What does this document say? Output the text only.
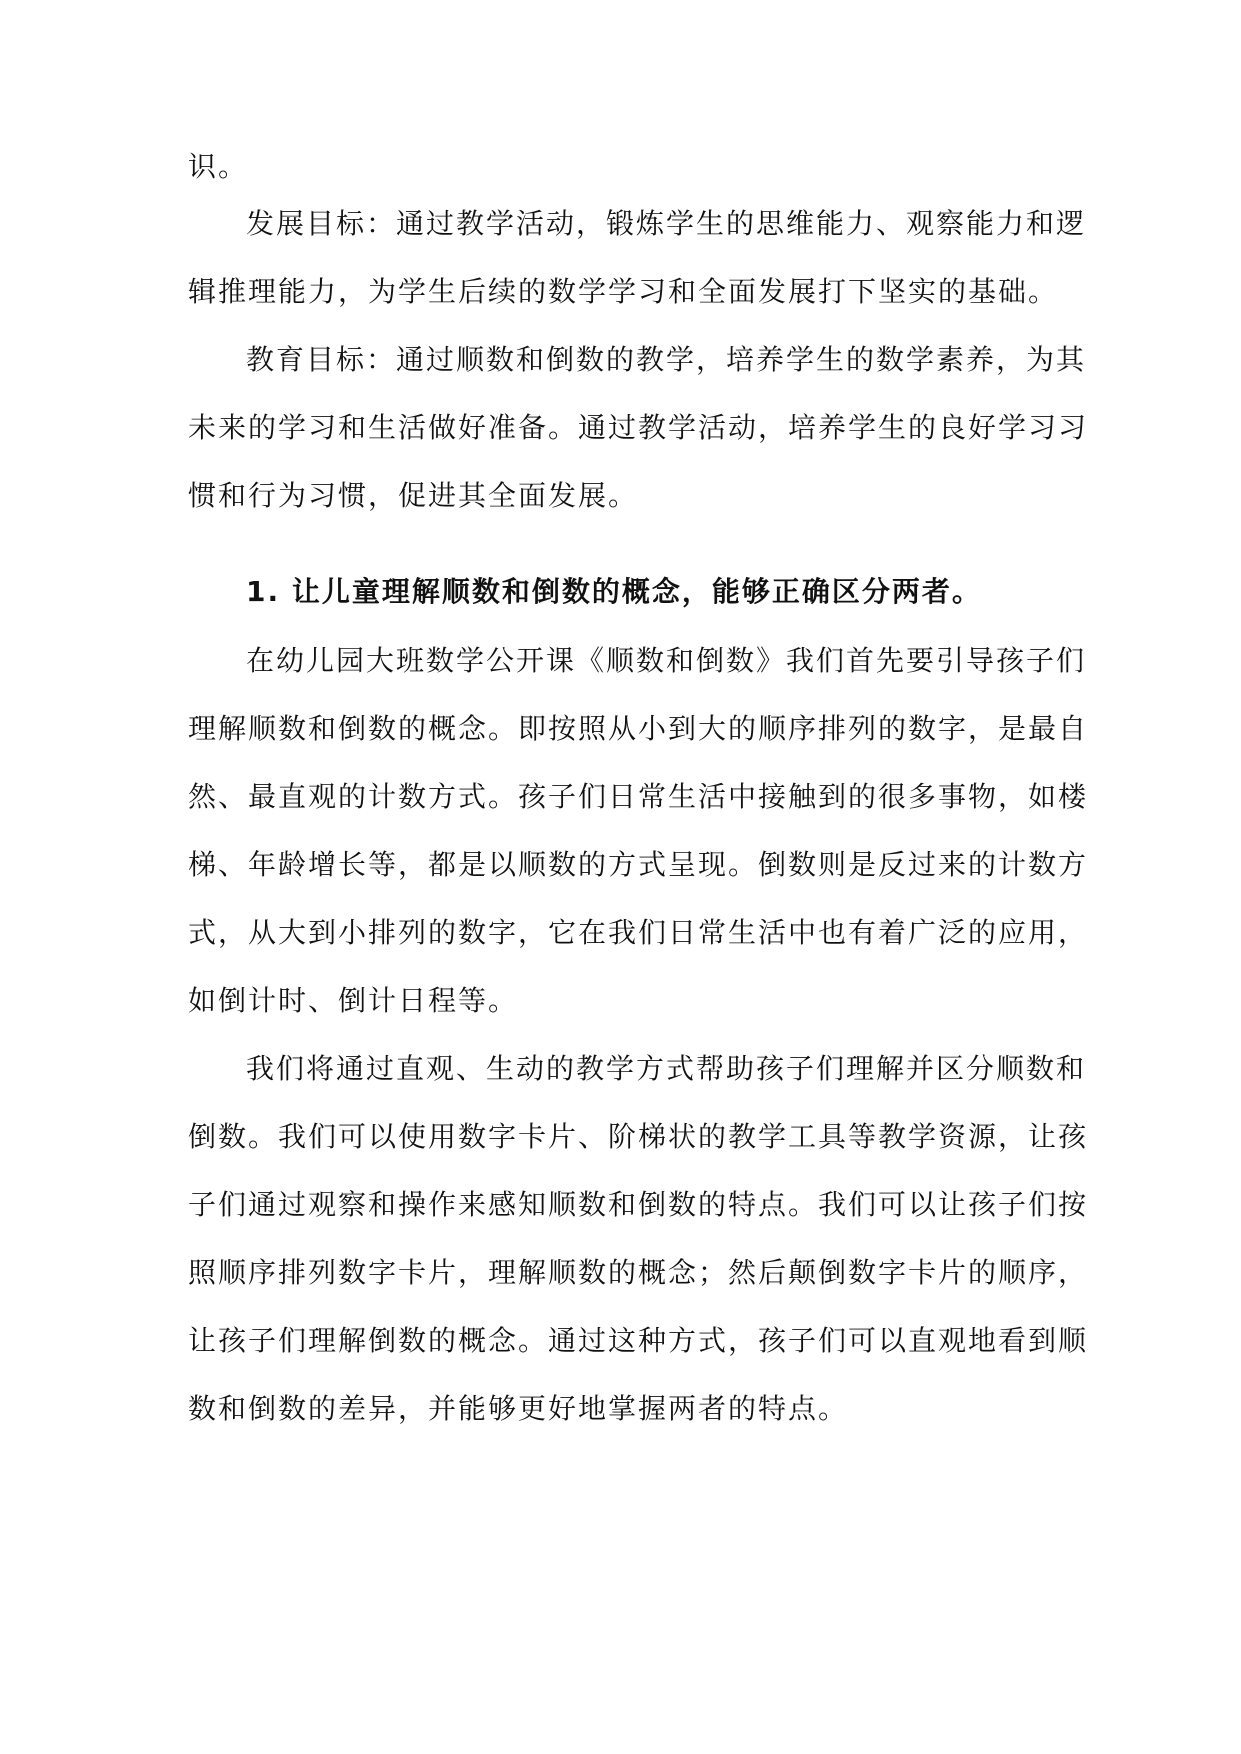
识。
发展目标：通过教学活动，锻炼学生的思维能力、观察能力和逻
辑推理能力，为学生后续的数学学习和全面发展打下坚实的基础。
教育目标：通过顺数和倒数的教学，培养学生的数学素养，为其
未来的学习和生活做好准备。通过教学活动，培养学生的良好学习习
惯和行为习惯，促进其全面发展。
1. 让儿童理解顺数和倒数的概念，能够正确区分两者。
在幼儿园大班数学公开课《顺数和倒数》我们首先要引导孩子们
理解顺数和倒数的概念。即按照从小到大的顺序排列的数字，是最自
然、最直观的计数方式。孩子们日常生活中接触到的很多事物，如楼
梯、年龄增长等，都是以顺数的方式呈现。倒数则是反过来的计数方
式，从大到小排列的数字，它在我们日常生活中也有着广泛的应用，
如倒计时、倒计日程等。
我们将通过直观、生动的教学方式帮助孩子们理解并区分顺数和
倒数。我们可以使用数字卡片、阶梯状的教学工具等教学资源，让孩
子们通过观察和操作来感知顺数和倒数的特点。我们可以让孩子们按
照顺序排列数字卡片，理解顺数的概念；然后颠倒数字卡片的顺序，
让孩子们理解倒数的概念。通过这种方式，孩子们可以直观地看到顺
数和倒数的差异，并能够更好地掌握两者的特点。
